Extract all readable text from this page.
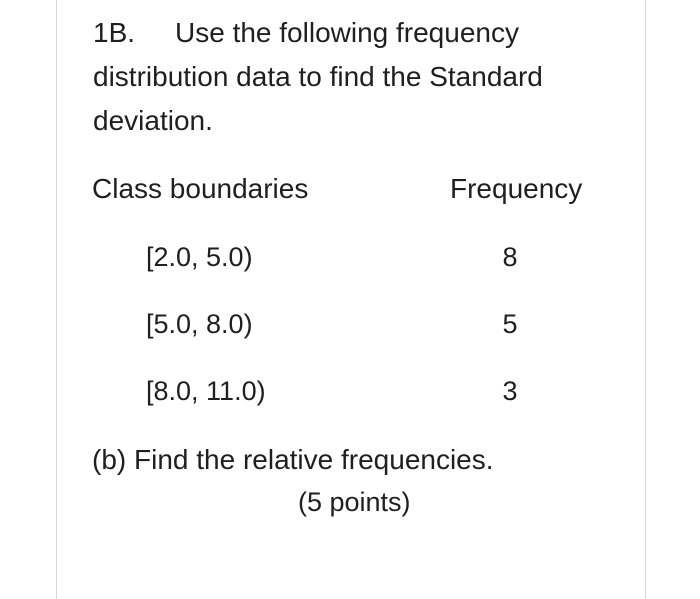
1B. Use the following frequency
distribution data to find the Standard
deviation.
Class boundaries	Frequency
[2.0, 5.0)	8
[5.0, 8.0)	5
[8.0, 11.0)	3
(b) Find the relative frequencies.
(5 points)
